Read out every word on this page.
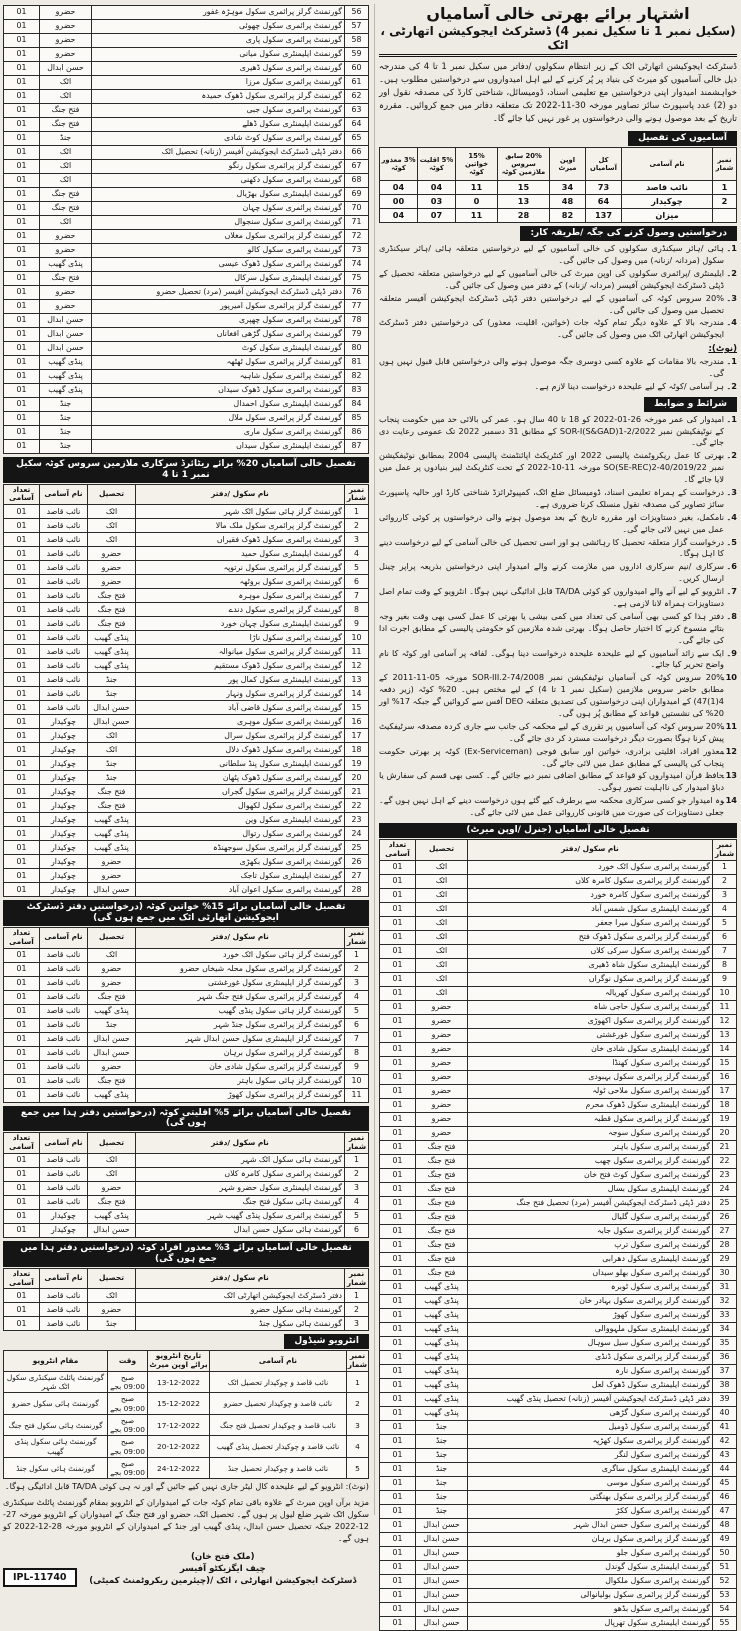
اشتہار برائے بھرتی خالی آسامیاں
(سکیل نمبر 1 تا سکیل نمبر 4) ڈسٹرکٹ ایجوکیشن اتھارٹی ، اٹک

ڈسٹرکٹ ایجوکیشن اتھارٹی اٹک کے زیر انتظام سکولوں /دفاتر میں سکیل نمبر 1 تا 4 کی مندرجہ ذیل خالی آسامیوں کو میرٹ کی بنیاد پر پُر کرنے کے لیے اہل امیدواروں سے درخواستیں مطلوب ہیں۔ خواہشمند امیدوار اپنی درخواستیں مع تعلیمی اسناد، ڈومیسائل، شناختی کارڈ کی مصدقہ نقول اور دو (2) عدد پاسپورٹ سائز تصاویر مورخہ 30-11-2022 تک متعلقہ دفاتر میں جمع کروائیں۔ مقررہ تاریخ کے بعد موصول ہونے والی درخواستوں پر غور نہیں کیا جائے گا۔

آسامیوں کی تفصیل
نمبر شمار	نام آسامی	کل آسامیاں	اوپن میرٹ	20% سابق سروس ملازمین کوٹہ	15% خواتین کوٹہ	5% اقلیت کوٹہ	3% معذور کوٹہ
1	نائب قاصد	73	34	15	11	04	04
2	چوکیدار	64	48	13	0	03	00
	میزان	137	82	28	11	07	04
درخواستیں وصول کرنے کی جگہ /طریقہ کار:
ہائی /ہائر سیکنڈری سکولوں کی خالی آسامیوں کے لیے درخواستیں متعلقہ ہائی /ہائر سیکنڈری سکول (مردانہ /زنانہ) میں وصول کی جائیں گی۔
ایلیمنٹری /پرائمری سکولوں کی اوپن میرٹ کی خالی آسامیوں کے لیے درخواستیں متعلقہ تحصیل کے ڈپٹی ڈسٹرکٹ ایجوکیشن آفیسر (مردانہ /زنانہ) کے دفتر میں وصول کی جائیں گی۔
20% سروس کوٹہ کی آسامیوں کے لیے درخواستیں دفتر ڈپٹی ڈسٹرکٹ ایجوکیشن آفیسر متعلقہ تحصیل میں وصول کی جائیں گی۔
مندرجہ بالا کے علاوہ دیگر تمام کوٹہ جات (خواتین، اقلیت، معذور) کی درخواستیں دفتر ڈسٹرکٹ ایجوکیشن اتھارٹی اٹک میں وصول کی جائیں گی۔
(نوٹ):
مندرجہ بالا مقامات کے علاوہ کسی دوسری جگہ موصول ہونے والی درخواستیں قابل قبول نہیں ہوں گی۔
ہر آسامی /کوٹہ کے لیے علیحدہ درخواست دینا لازم ہے۔
شرائط و ضوابط
امیدوار کی عمر مورخہ 26-01-2022 کو 18 تا 40 سال ہو۔ عمر کی بالائی حد میں حکومت پنجاب کے نوٹیفکیشن نمبر SOR-I(S&GAD)1-2/2022 کے مطابق 31 دسمبر 2022 تک عمومی رعایت دی جائے گی۔
بھرتی کا عمل ریکروٹمنٹ پالیسی 2022 اور کنٹریکٹ اپائنٹمنٹ پالیسی 2004 بمطابق نوٹیفکیشن نمبر SO(SE-REC)2-40/2019/22 مورخہ 11-10-2022 کے تحت کنٹریکٹ لیبر بنیادوں پر عمل میں لایا جائے گا۔
درخواست کے ہمراہ تعلیمی اسناد، ڈومیسائل ضلع اٹک، کمپیوٹرائزڈ شناختی کارڈ اور حالیہ پاسپورٹ سائز تصاویر کی مصدقہ نقول منسلک کرنا ضروری ہے۔
نامکمل، بغیر دستاویزات اور مقررہ تاریخ کے بعد موصول ہونے والی درخواستوں پر کوئی کارروائی عمل میں نہیں لائی جائے گی۔
درخواست گزار متعلقہ تحصیل کا رہائشی ہو اور اسی تحصیل کی خالی آسامی کے لیے درخواست دینے کا اہل ہوگا۔
سرکاری /نیم سرکاری اداروں میں ملازمت کرنے والے امیدوار اپنی درخواستیں بذریعہ پراپر چینل ارسال کریں۔
انٹرویو کے لیے آنے والے امیدواروں کو کوئی TA/DA قابل ادائیگی نہیں ہوگا۔ انٹرویو کے وقت تمام اصل دستاویزات ہمراہ لانا لازمی ہے۔
دفتر ہذا کو کسی بھی آسامی کی تعداد میں کمی بیشی یا بھرتی کا عمل کسی بھی وقت بغیر وجہ بتائے منسوخ کرنے کا اختیار حاصل ہوگا۔ بھرتی شدہ ملازمین کو حکومتی پالیسی کے مطابق اجرت ادا کی جائے گی۔
ایک سے زائد آسامیوں کے لیے علیحدہ علیحدہ درخواست دینا ہوگی۔ لفافہ پر آسامی اور کوٹہ کا نام واضح تحریر کیا جائے۔
20% سروس کوٹہ کی آسامیاں نوٹیفکیشن نمبر SOR-III.2-74/2008 مورخہ 05-11-2011 کے مطابق حاضر سروس ملازمین (سکیل نمبر 1 تا 4) کے لیے مختص ہیں۔ 20% کوٹہ (زیر دفعہ 4(1)47) کے امیدواران اپنی درخواستوں کی تصدیق متعلقہ DEO آفس سے کروائیں گے جبکہ 17% اور 20% کی نشستیں قواعد کے مطابق پُر ہوں گی۔
20% سروس کوٹہ کی آسامیوں پر تقرری کے لیے محکمہ کی جانب سے جاری کردہ مصدقہ سرٹیفکیٹ پیش کرنا ہوگا بصورت دیگر درخواست مسترد کر دی جائے گی۔
معذور افراد، اقلیتی برادری، خواتین اور سابق فوجی (Ex-Serviceman) کوٹہ پر بھرتی حکومت پنجاب کی پالیسی کے مطابق عمل میں لائی جائے گی۔
حافظ قرآن امیدواروں کو قواعد کے مطابق اضافی نمبر دیے جائیں گے۔ کسی بھی قسم کی سفارش یا دباؤ امیدوار کی نااہلیت تصور ہوگی۔
وہ امیدوار جو کسی سرکاری محکمہ سے برطرف کیے گئے ہوں درخواست دینے کے اہل نہیں ہوں گے۔ جعلی دستاویزات کی صورت میں قانونی کارروائی عمل میں لائی جائے گی۔
تفصیل خالی آسامیاں (جنرل /اوپن میرٹ)
نمبر شمار	نام سکول /دفتر	تحصیل	تعداد آسامی
1	گورنمنٹ پرائمری سکول اٹک خورد	اٹک	01
2	گورنمنٹ گرلز پرائمری سکول کامرہ کلاں	اٹک	01
3	گورنمنٹ پرائمری سکول کامرہ خورد	اٹک	01
4	گورنمنٹ ایلیمنٹری سکول شمس آباد	اٹک	01
5	گورنمنٹ پرائمری سکول میرا جعفر	اٹک	01
6	گورنمنٹ گرلز پرائمری سکول ڈھوک فتح	اٹک	01
7	گورنمنٹ پرائمری سکول سرکی کلاں	اٹک	01
8	گورنمنٹ ایلیمنٹری سکول شاہ ڈھیری	اٹک	01
9	گورنمنٹ گرلز پرائمری سکول نوگراں	اٹک	01
10	گورنمنٹ پرائمری سکول کھریالہ	اٹک	01
11	گورنمنٹ پرائمری سکول حاجی شاہ	حضرو	01
12	گورنمنٹ گرلز پرائمری سکول اکھوڑی	حضرو	01
13	گورنمنٹ پرائمری سکول غورغشتی	حضرو	01
14	گورنمنٹ ایلیمنٹری سکول شادی خان	حضرو	01
15	گورنمنٹ پرائمری سکول کھنڈا	حضرو	01
16	گورنمنٹ گرلز پرائمری سکول بہبودی	حضرو	01
17	گورنمنٹ پرائمری سکول ملاحی ٹولہ	حضرو	01
18	گورنمنٹ ایلیمنٹری سکول ڈھوک محرم	حضرو	01
19	گورنمنٹ گرلز پرائمری سکول قطبہ	حضرو	01
20	گورنمنٹ پرائمری سکول سوجہ	حضرو	01
21	گورنمنٹ پرائمری سکول باہتر	فتح جنگ	01
22	گورنمنٹ گرلز پرائمری سکول چھب	فتح جنگ	01
23	گورنمنٹ پرائمری سکول کوٹ فتح خان	فتح جنگ	01
24	گورنمنٹ ایلیمنٹری سکول بسال	فتح جنگ	01
25	دفتر ڈپٹی ڈسٹرکٹ ایجوکیشن آفیسر (مرد) تحصیل فتح جنگ	فتح جنگ	01
26	گورنمنٹ پرائمری سکول گلیال	فتح جنگ	01
27	گورنمنٹ گرلز پرائمری سکول جابہ	فتح جنگ	01
28	گورنمنٹ پرائمری سکول ترپ	فتح جنگ	01
29	گورنمنٹ ایلیمنٹری سکول دھرابی	فتح جنگ	01
30	گورنمنٹ پرائمری سکول بھلو سیداں	فتح جنگ	01
31	گورنمنٹ پرائمری سکول ٹوبرہ	پنڈی گھیب	01
32	گورنمنٹ گرلز پرائمری سکول بہادر خان	پنڈی گھیب	01
33	گورنمنٹ پرائمری سکول کھوڑ	پنڈی گھیب	01
34	گورنمنٹ ایلیمنٹری سکول ملہووالی	پنڈی گھیب	01
35	گورنمنٹ پرائمری سکول سیل سوہال	پنڈی گھیب	01
36	گورنمنٹ گرلز پرائمری سکول ڈنڈی	پنڈی گھیب	01
37	گورنمنٹ پرائمری سکول نارہ	پنڈی گھیب	01
38	گورنمنٹ ایلیمنٹری سکول ڈھوک لعل	پنڈی گھیب	01
39	دفتر ڈپٹی ڈسٹرکٹ ایجوکیشن آفیسر (زنانہ) تحصیل پنڈی گھیب	پنڈی گھیب	01
40	گورنمنٹ پرائمری سکول گڑھی	پنڈی گھیب	01
41	گورنمنٹ پرائمری سکول ڈومیل	جنڈ	01
42	گورنمنٹ گرلز پرائمری سکول کھڑپہ	جنڈ	01
43	گورنمنٹ پرائمری سکول لنگر	جنڈ	01
44	گورنمنٹ ایلیمنٹری سکول ساگری	جنڈ	01
45	گورنمنٹ پرائمری سکول موسی	جنڈ	01
46	گورنمنٹ گرلز پرائمری سکول بھنگئی	جنڈ	01
47	گورنمنٹ پرائمری سکول ککڑ	جنڈ	01
48	گورنمنٹ پرائمری سکول حسن ابدال شہر	حسن ابدال	01
49	گورنمنٹ گرلز پرائمری سکول برہان	حسن ابدال	01
50	گورنمنٹ پرائمری سکول جلو	حسن ابدال	01
51	گورنمنٹ ایلیمنٹری سکول گوندل	حسن ابدال	01
52	گورنمنٹ پرائمری سکول ملکوال	حسن ابدال	01
53	گورنمنٹ گرلز پرائمری سکول بولیانوالی	حسن ابدال	01
54	گورنمنٹ پرائمری سکول بڈھو	حسن ابدال	01
55	گورنمنٹ ایلیمنٹری سکول تھرپال	حسن ابدال	01
56	گورنمنٹ گرلز پرائمری سکول موہڑہ غفور	حضرو	01
57	گورنمنٹ پرائمری سکول چھوئی	حضرو	01
58	گورنمنٹ پرائمری سکول پاری	حضرو	01
59	گورنمنٹ ایلیمنٹری سکول میانی	حضرو	01
60	گورنمنٹ پرائمری سکول ڈھیری	حسن ابدال	01
61	گورنمنٹ پرائمری سکول مرزا	اٹک	01
62	گورنمنٹ گرلز پرائمری سکول ڈھوک حمیدہ	اٹک	01
63	گورنمنٹ پرائمری سکول جبی	فتح جنگ	01
64	گورنمنٹ ایلیمنٹری سکول ڈھلے	فتح جنگ	01
65	گورنمنٹ پرائمری سکول کوٹ شادی	جنڈ	01
66	دفتر ڈپٹی ڈسٹرکٹ ایجوکیشن آفیسر (زنانہ) تحصیل اٹک	اٹک	01
67	گورنمنٹ گرلز پرائمری سکول رنگو	اٹک	01
68	گورنمنٹ پرائمری سکول دکھنی	اٹک	01
69	گورنمنٹ ایلیمنٹری سکول بھڑیال	فتح جنگ	01
70	گورنمنٹ پرائمری سکول چہان	فتح جنگ	01
71	گورنمنٹ پرائمری سکول سنجوال	اٹک	01
72	گورنمنٹ گرلز پرائمری سکول مغلاں	حضرو	01
73	گورنمنٹ پرائمری سکول کالو	حضرو	01
74	گورنمنٹ پرائمری سکول ڈھوک عیسی	پنڈی گھیب	01
75	گورنمنٹ ایلیمنٹری سکول سرکال	فتح جنگ	01
76	دفتر ڈپٹی ڈسٹرکٹ ایجوکیشن آفیسر (مرد) تحصیل حضرو	حضرو	01
77	گورنمنٹ گرلز پرائمری سکول امیرپور	حضرو	01
78	گورنمنٹ پرائمری سکول چھپری	حسن ابدال	01
79	گورنمنٹ پرائمری سکول گڑھی افغاناں	حسن ابدال	01
80	گورنمنٹ ایلیمنٹری سکول کوٹ	حسن ابدال	01
81	گورنمنٹ گرلز پرائمری سکول ٹھٹھہ	پنڈی گھیب	01
82	گورنمنٹ پرائمری سکول شاہیہ	پنڈی گھیب	01
83	گورنمنٹ پرائمری سکول ڈھوک سیداں	پنڈی گھیب	01
84	گورنمنٹ ایلیمنٹری سکول احمدال	جنڈ	01
85	گورنمنٹ گرلز پرائمری سکول ملال	جنڈ	01
86	گورنمنٹ پرائمری سکول ماری	جنڈ	01
87	گورنمنٹ ایلیمنٹری سکول سیداں	جنڈ	01
تفصیل خالی آسامیاں 20% برائے ریٹائرڈ سرکاری ملازمین سروس کوٹہ سکیل نمبر 1 تا 4
نمبر شمار	نام سکول /دفتر	تحصیل	نام آسامی	تعداد آسامی
1	گورنمنٹ گرلز ہائی سکول اٹک شہر	اٹک	نائب قاصد	01
2	گورنمنٹ گرلز پرائمری سکول ملک مالا	اٹک	نائب قاصد	01
3	گورنمنٹ پرائمری سکول ڈھوک فقیراں	اٹک	نائب قاصد	01
4	گورنمنٹ ایلیمنٹری سکول حمید	حضرو	نائب قاصد	01
5	گورنمنٹ گرلز پرائمری سکول نرتوپہ	حضرو	نائب قاصد	01
6	گورنمنٹ پرائمری سکول بروٹھہ	حضرو	نائب قاصد	01
7	گورنمنٹ پرائمری سکول موہرہ	فتح جنگ	نائب قاصد	01
8	گورنمنٹ گرلز پرائمری سکول دندے	فتح جنگ	نائب قاصد	01
9	گورنمنٹ ایلیمنٹری سکول چہان خورد	فتح جنگ	نائب قاصد	01
10	گورنمنٹ پرائمری سکول ناڑا	پنڈی گھیب	نائب قاصد	01
11	گورنمنٹ گرلز پرائمری سکول میانوالہ	پنڈی گھیب	نائب قاصد	01
12	گورنمنٹ پرائمری سکول ڈھوک مستقیم	پنڈی گھیب	نائب قاصد	01
13	گورنمنٹ ایلیمنٹری سکول کمال پور	جنڈ	نائب قاصد	01
14	گورنمنٹ گرلز پرائمری سکول ونہار	جنڈ	نائب قاصد	01
15	گورنمنٹ پرائمری سکول قاضی آباد	حسن ابدال	نائب قاصد	01
16	گورنمنٹ پرائمری سکول موہری	حسن ابدال	چوکیدار	01
17	گورنمنٹ گرلز پرائمری سکول سرال	اٹک	چوکیدار	01
18	گورنمنٹ پرائمری سکول ڈھوک دلال	اٹک	چوکیدار	01
19	گورنمنٹ ایلیمنٹری سکول پنڈ سلطانی	جنڈ	چوکیدار	01
20	گورنمنٹ پرائمری سکول ڈھوک پٹھان	جنڈ	چوکیدار	01
21	گورنمنٹ گرلز پرائمری سکول گجراں	فتح جنگ	چوکیدار	01
22	گورنمنٹ پرائمری سکول لکھوال	فتح جنگ	چوکیدار	01
23	گورنمنٹ ایلیمنٹری سکول وین	پنڈی گھیب	چوکیدار	01
24	گورنمنٹ پرائمری سکول رتوال	پنڈی گھیب	چوکیدار	01
25	گورنمنٹ گرلز پرائمری سکول سوجھنڈہ	پنڈی گھیب	چوکیدار	01
26	گورنمنٹ پرائمری سکول بکھڑی	حضرو	چوکیدار	01
27	گورنمنٹ ایلیمنٹری سکول تاجک	حضرو	چوکیدار	01
28	گورنمنٹ پرائمری سکول اعوان آباد	حسن ابدال	چوکیدار	01
تفصیل خالی آسامیاں برائے 15% خواتین کوٹہ (درخواستیں دفتر ڈسٹرکٹ ایجوکیشن اتھارٹی اٹک میں جمع ہوں گی)
نمبر شمار	نام سکول /دفتر	تحصیل	نام آسامی	تعداد آسامی
1	گورنمنٹ گرلز ہائی سکول اٹک خورد	اٹک	نائب قاصد	01
2	گورنمنٹ گرلز پرائمری سکول محلہ شیخاں حضرو	حضرو	نائب قاصد	01
3	گورنمنٹ گرلز ایلیمنٹری سکول غورغشتی	حضرو	نائب قاصد	01
4	گورنمنٹ گرلز پرائمری سکول فتح جنگ شہر	فتح جنگ	نائب قاصد	01
5	گورنمنٹ گرلز ہائی سکول پنڈی گھیب	پنڈی گھیب	نائب قاصد	01
6	گورنمنٹ گرلز پرائمری سکول جنڈ شہر	جنڈ	نائب قاصد	01
7	گورنمنٹ گرلز ایلیمنٹری سکول حسن ابدال شہر	حسن ابدال	نائب قاصد	01
8	گورنمنٹ گرلز پرائمری سکول برہان	حسن ابدال	نائب قاصد	01
9	گورنمنٹ گرلز پرائمری سکول شادی خان	حضرو	نائب قاصد	01
10	گورنمنٹ گرلز ہائی سکول باہتر	فتح جنگ	نائب قاصد	01
11	گورنمنٹ گرلز پرائمری سکول کھوڑ	پنڈی گھیب	نائب قاصد	01
تفصیل خالی آسامیاں برائے 5% اقلیتی کوٹہ (درخواستیں دفتر ہذا میں جمع ہوں گی)
نمبر شمار	نام سکول /دفتر	تحصیل	نام آسامی	تعداد آسامی
1	گورنمنٹ ہائی سکول اٹک شہر	اٹک	نائب قاصد	01
2	گورنمنٹ پرائمری سکول کامرہ کلاں	اٹک	نائب قاصد	01
3	گورنمنٹ ایلیمنٹری سکول حضرو شہر	حضرو	نائب قاصد	01
4	گورنمنٹ ہائی سکول فتح جنگ	فتح جنگ	نائب قاصد	01
5	گورنمنٹ پرائمری سکول پنڈی گھیب شہر	پنڈی گھیب	چوکیدار	01
6	گورنمنٹ ہائی سکول حسن ابدال	حسن ابدال	چوکیدار	01
تفصیل خالی آسامیاں برائے 3% معذور افراد کوٹہ (درخواستیں دفتر ہذا میں جمع ہوں گی)
نمبر شمار	نام سکول /دفتر	تحصیل	نام آسامی	تعداد آسامی
1	دفتر ڈسٹرکٹ ایجوکیشن اتھارٹی اٹک	اٹک	نائب قاصد	01
2	گورنمنٹ ہائی سکول حضرو	حضرو	نائب قاصد	01
3	گورنمنٹ ہائی سکول جنڈ	جنڈ	نائب قاصد	01
انٹرویو شیڈول
نمبر شمار	نام آسامی	تاریخ انٹرویو برائے اوپن میرٹ	وقت	مقام انٹرویو
1	نائب قاصد و چوکیدار تحصیل اٹک	13-12-2022	صبح 09:00 بجے	گورنمنٹ پائلٹ سیکنڈری سکول اٹک شہر
2	نائب قاصد و چوکیدار تحصیل حضرو	15-12-2022	صبح 09:00 بجے	گورنمنٹ ہائی سکول حضرو
3	نائب قاصد و چوکیدار تحصیل فتح جنگ	17-12-2022	صبح 09:00 بجے	گورنمنٹ ہائی سکول فتح جنگ
4	نائب قاصد و چوکیدار تحصیل پنڈی گھیب	20-12-2022	صبح 09:00 بجے	گورنمنٹ ہائی سکول پنڈی گھیب
5	نائب قاصد و چوکیدار تحصیل جنڈ	24-12-2022	صبح 09:00 بجے	گورنمنٹ ہائی سکول جنڈ

(نوٹ): انٹرویو کے لیے علیحدہ کال لیٹر جاری نہیں کیے جائیں گے اور نہ ہی کوئی TA/DA قابل ادائیگی ہوگا۔

مزید برآں اوپن میرٹ کے علاوہ باقی تمام کوٹہ جات کے امیدواران کے انٹرویو بمقام گورنمنٹ پائلٹ سیکنڈری سکول اٹک شہر ضلع لیول پر ہوں گے۔ تحصیل اٹک، حضرو اور فتح جنگ کے امیدواران کے انٹرویو مورخہ 27-12-2022 جبکہ تحصیل حسن ابدال، پنڈی گھیب اور جنڈ کے امیدواران کے انٹرویو مورخہ 28-12-2022 کو ہوں گے۔

(ملک فتح خان)
چیف ایگزیکٹو آفیسر
ڈسٹرکٹ ایجوکیشن اتھارٹی ، اٹک /(چیئرمین ریکروٹمنٹ کمیٹی)
IPL-11740
